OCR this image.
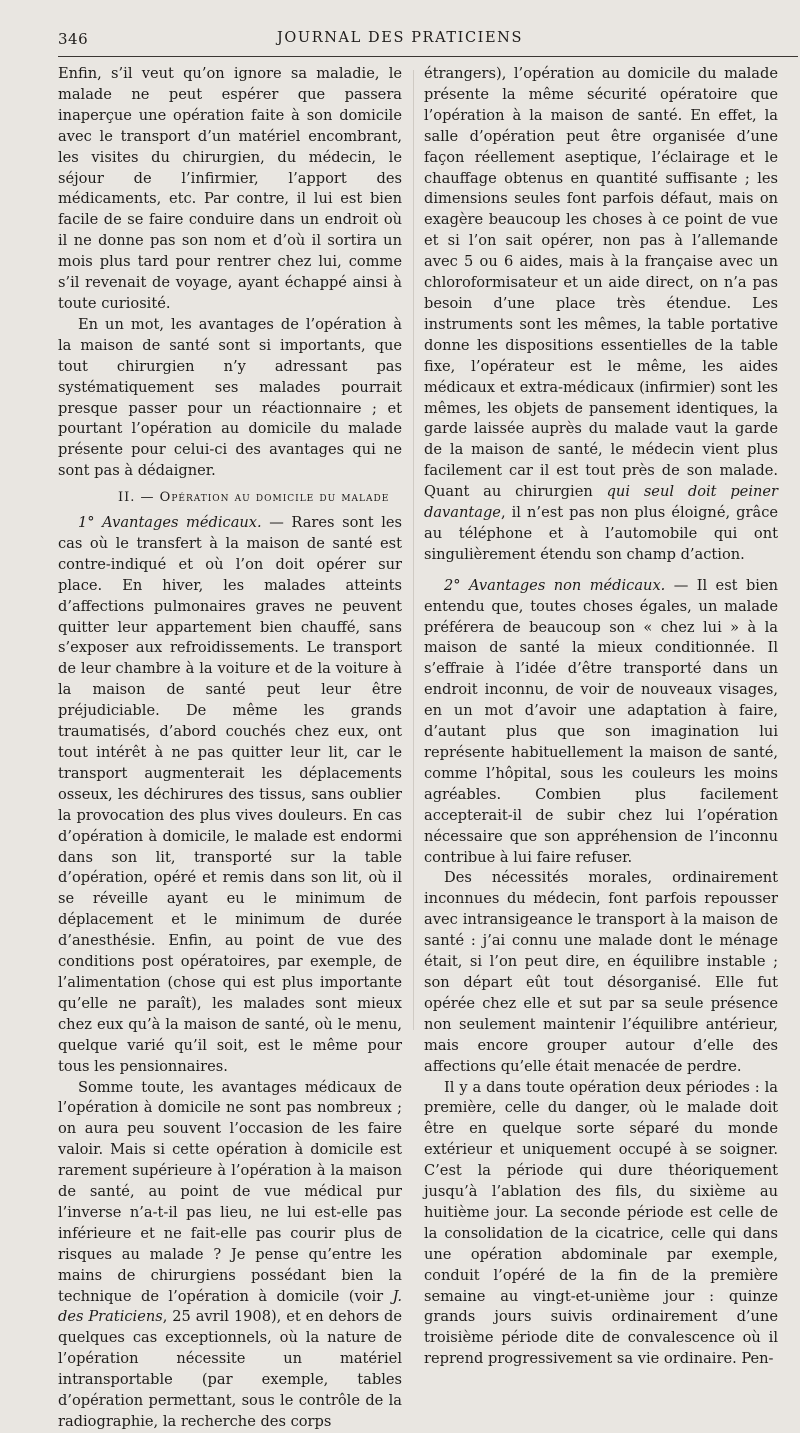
346	JOURNAL DES PRATICIENS

Enfin, s’il veut qu’on ignore sa maladie, le malade ne peut espérer que passera inaperçue une opération faite à son domicile avec le transport d’un matériel encombrant, les visites du chirurgien, du médecin, le séjour de l’infirmier, l’apport des médicaments, etc. Par contre, il lui est bien facile de se faire conduire dans un endroit où il ne donne pas son nom et d’où il sortira un mois plus tard pour rentrer chez lui, comme s’il revenait de voyage, ayant échappé ainsi à toute curiosité.

En un mot, les avantages de l’opération à la maison de santé sont si importants, que tout chirurgien n’y adressant pas systématiquement ses malades pourrait presque passer pour un réactionnaire ; et pourtant l’opération au domicile du malade présente pour celui-ci des avantages qui ne sont pas à dédaigner.

II. — Opération au domicile du malade

1° Avantages médicaux. — Rares sont les cas où le transfert à la maison de santé est contre-indiqué et où l’on doit opérer sur place. En hiver, les malades atteints d’affections pulmonaires graves ne peuvent quitter leur appartement bien chauffé, sans s’exposer aux refroidissements. Le transport de leur chambre à la voiture et de la voiture à la maison de santé peut leur être préjudiciable. De même les grands traumatisés, d’abord couchés chez eux, ont tout intérêt à ne pas quitter leur lit, car le transport augmenterait les déplacements osseux, les déchirures des tissus, sans oublier la provocation des plus vives douleurs. En cas d’opération à domicile, le malade est endormi dans son lit, transporté sur la table d’opération, opéré et remis dans son lit, où il se réveille ayant eu le minimum de déplacement et le minimum de durée d’anesthésie. Enfin, au point de vue des conditions post opératoires, par exemple, de l’alimentation (chose qui est plus importante qu’elle ne paraît), les malades sont mieux chez eux qu’à la maison de santé, où le menu, quelque varié qu’il soit, est le même pour tous les pensionnaires.

Somme toute, les avantages médicaux de l’opération à domicile ne sont pas nombreux ; on aura peu souvent l’occasion de les faire valoir. Mais si cette opération à domicile est rarement supérieure à l’opération à la maison de santé, au point de vue médical pur l’inverse n’a-t-il pas lieu, ne lui est-elle pas inférieure et ne fait-elle pas courir plus de risques au malade ? Je pense qu’entre les mains de chirurgiens possédant bien la technique de l’opération à domicile (voir J. des Praticiens, 25 avril 1908), et en dehors de quelques cas exceptionnels, où la nature de l’opération nécessite un matériel intransportable (par exemple, tables d’opération permettant, sous le contrôle de la radiographie, la recherche des corps

étrangers), l’opération au domicile du malade présente la même sécurité opératoire que l’opération à la maison de santé. En effet, la salle d’opération peut être organisée d’une façon réellement aseptique, l’éclairage et le chauffage obtenus en quantité suffisante ; les dimensions seules font parfois défaut, mais on exagère beaucoup les choses à ce point de vue et si l’on sait opérer, non pas à l’allemande avec 5 ou 6 aides, mais à la française avec un chloroformisateur et un aide direct, on n’a pas besoin d’une place très étendue. Les instruments sont les mêmes, la table portative donne les dispositions essentielles de la table fixe, l’opérateur est le même, les aides médicaux et extra-médicaux (infirmier) sont les mêmes, les objets de pansement identiques, la garde laissée auprès du malade vaut la garde de la maison de santé, le médecin vient plus facilement car il est tout près de son malade. Quant au chirurgien qui seul doit peiner davantage, il n’est pas non plus éloigné, grâce au téléphone et à l’automobile qui ont singulièrement étendu son champ d’action.

2° Avantages non médicaux. — Il est bien entendu que, toutes choses égales, un malade préférera de beaucoup son « chez lui » à la maison de santé la mieux conditionnée. Il s’effraie à l’idée d’être transporté dans un endroit inconnu, de voir de nouveaux visages, en un mot d’avoir une adaptation à faire, d’autant plus que son imagination lui représente habituellement la maison de santé, comme l’hôpital, sous les couleurs les moins agréables. Combien plus facilement accepterait-il de subir chez lui l’opération nécessaire que son appréhension de l’inconnu contribue à lui faire refuser.

Des nécessités morales, ordinairement inconnues du médecin, font parfois repousser avec intransigeance le transport à la maison de santé : j’ai connu une malade dont le ménage était, si l’on peut dire, en équilibre instable ; son départ eût tout désorganisé. Elle fut opérée chez elle et sut par sa seule présence non seulement maintenir l’équilibre antérieur, mais encore grouper autour d’elle des affections qu’elle était menacée de perdre.

Il y a dans toute opération deux périodes : la première, celle du danger, où le malade doit être en quelque sorte séparé du monde extérieur et uniquement occupé à se soigner. C’est la période qui dure théoriquement jusqu’à l’ablation des fils, du sixième au huitième jour. La seconde période est celle de la consolidation de la cicatrice, celle qui dans une opération abdominale par exemple, conduit l’opéré de la fin de la première semaine au vingt-et-unième jour : quinze grands jours suivis ordinairement d’une troisième période dite de convalescence où il reprend progressivement sa vie ordinaire. Pen-
